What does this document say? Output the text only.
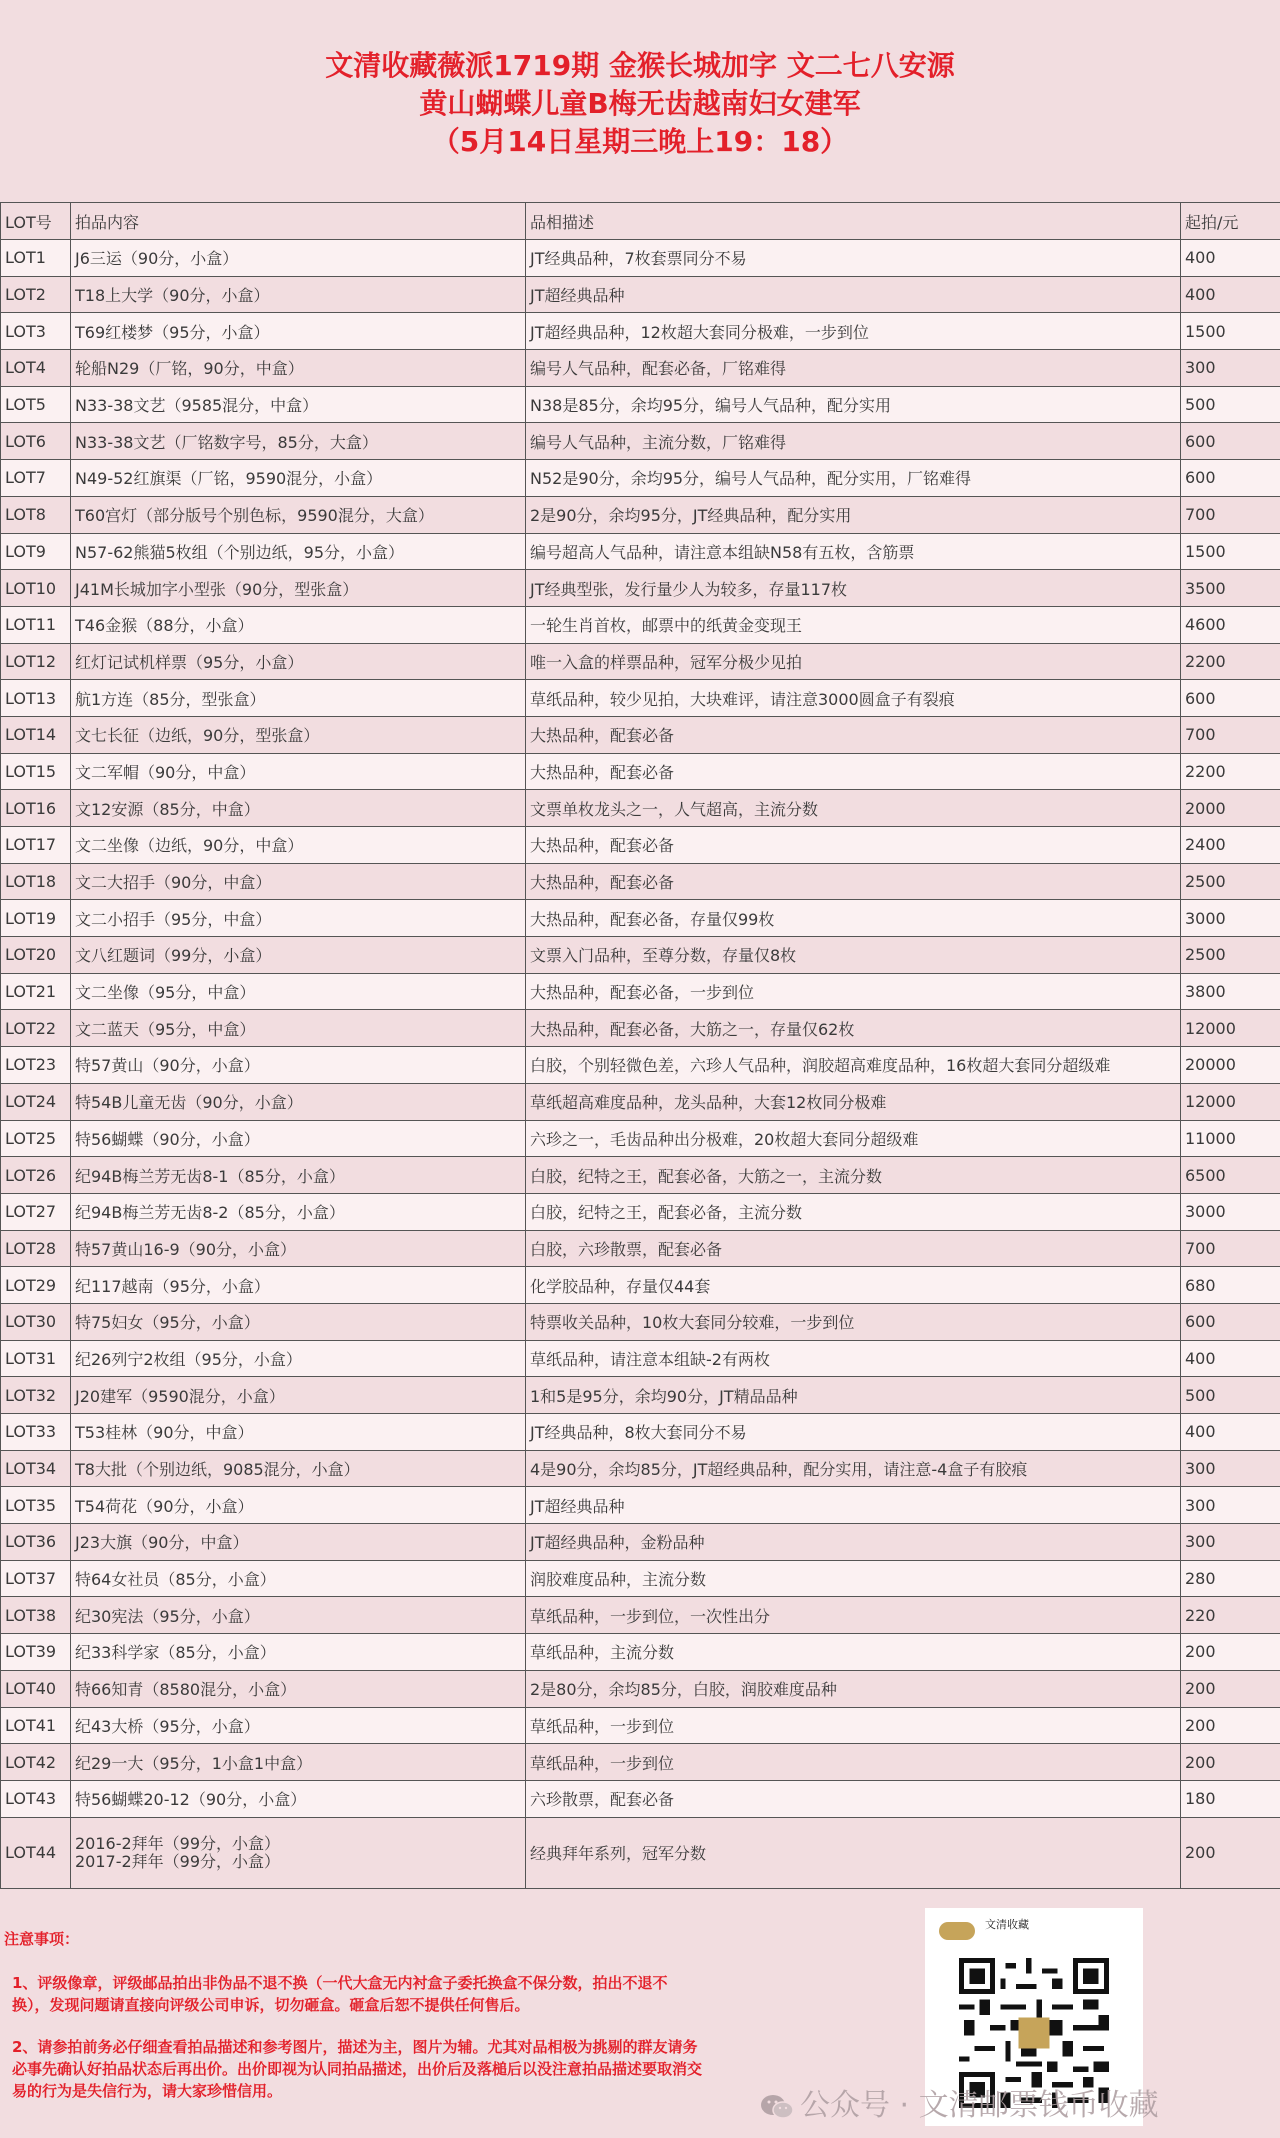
文清收藏薇派1719期 金猴长城加字 文二七八安源
黄山蝴蝶儿童B梅无齿越南妇女建军
（5月14日星期三晚上19：18）
LOT号	拍品内容	品相描述	起拍/元
LOT1	J6三运（90分，小盒）	JT经典品种，7枚套票同分不易	400
LOT2	T18上大学（90分，小盒）	JT超经典品种	400
LOT3	T69红楼梦（95分，小盒）	JT超经典品种，12枚超大套同分极难，一步到位	1500
LOT4	轮船N29（厂铭，90分，中盒）	编号人气品种，配套必备，厂铭难得	300
LOT5	N33-38文艺（9585混分，中盒）	N38是85分，余均95分，编号人气品种，配分实用	500
LOT6	N33-38文艺（厂铭数字号，85分，大盒）	编号人气品种，主流分数，厂铭难得	600
LOT7	N49-52红旗渠（厂铭，9590混分，小盒）	N52是90分，余均95分，编号人气品种，配分实用，厂铭难得	600
LOT8	T60宫灯（部分版号个别色标，9590混分，大盒）	2是90分，余均95分，JT经典品种，配分实用	700
LOT9	N57-62熊猫5枚组（个别边纸，95分，小盒）	编号超高人气品种，请注意本组缺N58有五枚，含筋票	1500
LOT10	J41M长城加字小型张（90分，型张盒）	JT经典型张，发行量少人为较多，存量117枚	3500
LOT11	T46金猴（88分，小盒）	一轮生肖首枚，邮票中的纸黄金变现王	4600
LOT12	红灯记试机样票（95分，小盒）	唯一入盒的样票品种，冠军分极少见拍	2200
LOT13	航1方连（85分，型张盒）	草纸品种，较少见拍，大块难评，请注意3000圆盒子有裂痕	600
LOT14	文七长征（边纸，90分，型张盒）	大热品种，配套必备	700
LOT15	文二军帽（90分，中盒）	大热品种，配套必备	2200
LOT16	文12安源（85分，中盒）	文票单枚龙头之一，人气超高，主流分数	2000
LOT17	文二坐像（边纸，90分，中盒）	大热品种，配套必备	2400
LOT18	文二大招手（90分，中盒）	大热品种，配套必备	2500
LOT19	文二小招手（95分，中盒）	大热品种，配套必备，存量仅99枚	3000
LOT20	文八红题词（99分，小盒）	文票入门品种，至尊分数，存量仅8枚	2500
LOT21	文二坐像（95分，中盒）	大热品种，配套必备，一步到位	3800
LOT22	文二蓝天（95分，中盒）	大热品种，配套必备，大筋之一，存量仅62枚	12000
LOT23	特57黄山（90分，小盒）	白胶，个别轻微色差，六珍人气品种，润胶超高难度品种，16枚超大套同分超级难	20000
LOT24	特54B儿童无齿（90分，小盒）	草纸超高难度品种，龙头品种，大套12枚同分极难	12000
LOT25	特56蝴蝶（90分，小盒）	六珍之一，毛齿品种出分极难，20枚超大套同分超级难	11000
LOT26	纪94B梅兰芳无齿8-1（85分，小盒）	白胶，纪特之王，配套必备，大筋之一，主流分数	6500
LOT27	纪94B梅兰芳无齿8-2（85分，小盒）	白胶，纪特之王，配套必备，主流分数	3000
LOT28	特57黄山16-9（90分，小盒）	白胶，六珍散票，配套必备	700
LOT29	纪117越南（95分，小盒）	化学胶品种，存量仅44套	680
LOT30	特75妇女（95分，小盒）	特票收关品种，10枚大套同分较难，一步到位	600
LOT31	纪26列宁2枚组（95分，小盒）	草纸品种，请注意本组缺-2有两枚	400
LOT32	J20建军（9590混分，小盒）	1和5是95分，余均90分，JT精品品种	500
LOT33	T53桂林（90分，中盒）	JT经典品种，8枚大套同分不易	400
LOT34	T8大批（个别边纸，9085混分，小盒）	4是90分，余均85分，JT超经典品种，配分实用，请注意-4盒子有胶痕	300
LOT35	T54荷花（90分，小盒）	JT超经典品种	300
LOT36	J23大旗（90分，中盒）	JT超经典品种，金粉品种	300
LOT37	特64女社员（85分，小盒）	润胶难度品种，主流分数	280
LOT38	纪30宪法（95分，小盒）	草纸品种，一步到位，一次性出分	220
LOT39	纪33科学家（85分，小盒）	草纸品种，主流分数	200
LOT40	特66知青（8580混分，小盒）	2是80分，余均85分，白胶，润胶难度品种	200
LOT41	纪43大桥（95分，小盒）	草纸品种，一步到位	200
LOT42	纪29一大（95分，1小盒1中盒）	草纸品种，一步到位	200
LOT43	特56蝴蝶20-12（90分，小盒）	六珍散票，配套必备	180
LOT44	2016-2拜年（99分，小盒）
2017-2拜年（99分，小盒）	经典拜年系列，冠军分数	200
注意事项：
1、评级像章，评级邮品拍出非伪品不退不换（一代大盒无内衬盒子委托换盒不保分数，拍出不退不换），发现问题请直接向评级公司申诉，切勿砸盒。砸盒后恕不提供任何售后。
2、请参拍前务必仔细查看拍品描述和参考图片，描述为主，图片为辅。尤其对品相极为挑剔的群友请务必事先确认好拍品状态后再出价。出价即视为认同拍品描述，出价后及落槌后以没注意拍品描述要取消交易的行为是失信行为，请大家珍惜信用。
文清收藏
公众号 · 文清邮票钱币收藏
